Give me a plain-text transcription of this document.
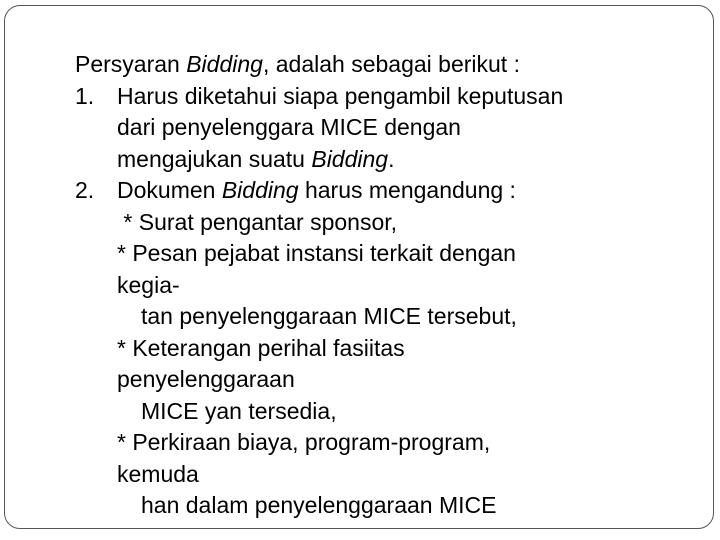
Persyaran Bidding, adalah sebagai berikut :
1. Harus diketahui siapa pengambil keputusan
dari penyelenggara MICE dengan
mengajukan suatu Bidding.
2. Dokumen Bidding harus mengandung :
* Surat pengantar sponsor,
* Pesan pejabat instansi terkait dengan
kegia-
tan penyelenggaraan MICE tersebut,
* Keterangan perihal fasiitas
penyelenggaraan
MICE yan tersedia,
* Perkiraan biaya, program-program,
kemuda
han dalam penyelenggaraan MICE
